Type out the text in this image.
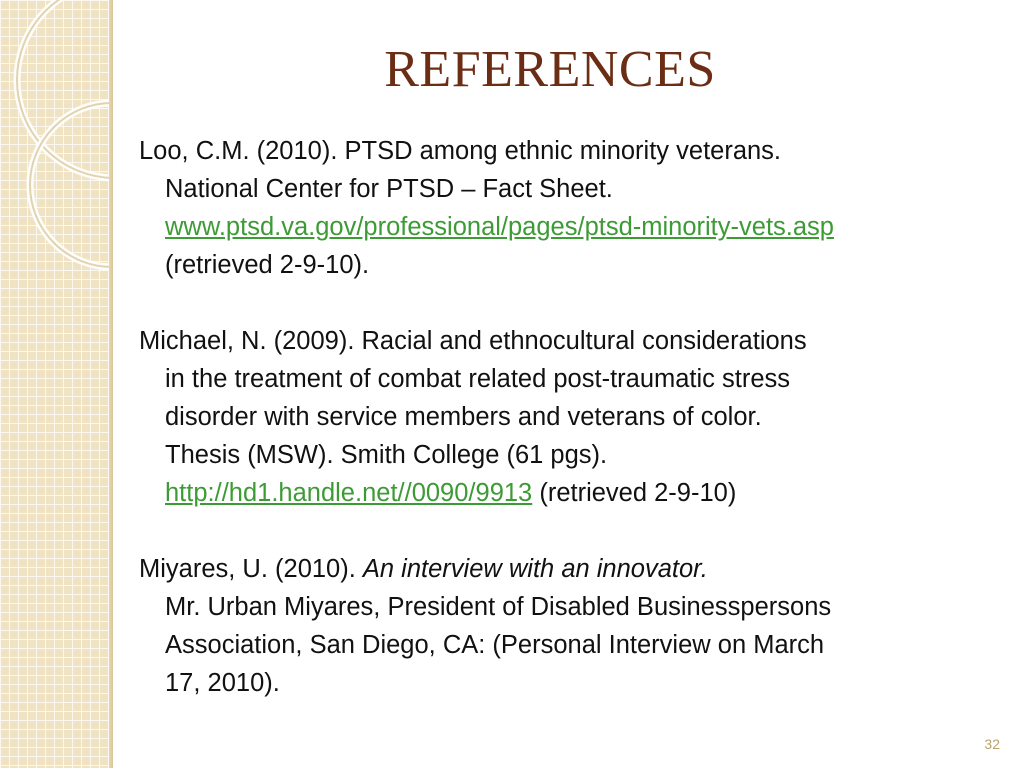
REFERENCES
Loo, C.M. (2010). PTSD among ethnic minority veterans.
National Center for PTSD – Fact Sheet.
www.ptsd.va.gov/professional/pages/ptsd-minority-vets.asp
(retrieved 2-9-10).
Michael, N. (2009). Racial and ethnocultural considerations
in the treatment of combat related post-traumatic stress
disorder with service members and veterans of color.
Thesis (MSW). Smith College (61 pgs).
http://hd1.handle.net//0090/9913 (retrieved 2-9-10)
Miyares, U. (2010). An interview with an innovator.
Mr. Urban Miyares, President of Disabled Businesspersons
Association, San Diego, CA: (Personal Interview on March
17, 2010).
32
